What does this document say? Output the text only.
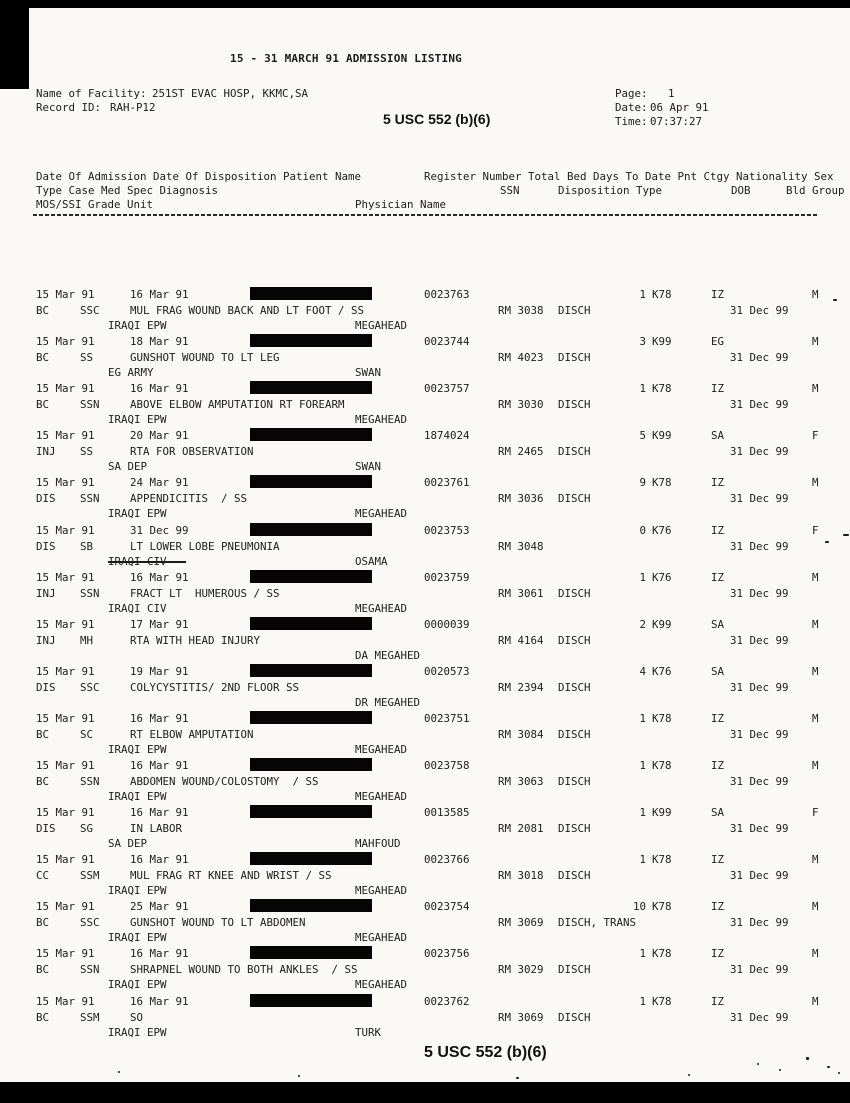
15 - 31 MARCH 91 ADMISSION LISTING
Name of Facility: 251ST EVAC HOSP, KKMC,SA
Record ID: RAH-P12
Page: 1
Date: 06 Apr 91
Time: 07:37:27
5 USC 552 (b)(6)
Date Of Admission Date Of Disposition Patient Name	Register Number Total Bed Days To Date Pnt Ctgy Nationality Sex
Type Case Med Spec Diagnosis	SSN	Disposition Type	DOB	Bld Group
MOS/SSI Grade Unit	Physician Name
15 Mar 91	16 Mar 91	0023763	1 K78	IZ	M
BC	SSC	MUL FRAG WOUND BACK AND LT FOOT / SS	RM 3038 DISCH	31 Dec 99
IRAQI EPW	MEGAHEAD
15 Mar 91	18 Mar 91	0023744	3 K99	EG	M
BC	SS	GUNSHOT WOUND TO LT LEG	RM 4023 DISCH	31 Dec 99
EG ARMY	SWAN
15 Mar 91	16 Mar 91	0023757	1 K78	IZ	M
BC	SSN	ABOVE ELBOW AMPUTATION RT FOREARM	RM 3030 DISCH	31 Dec 99
IRAQI EPW	MEGAHEAD
15 Mar 91	20 Mar 91	1874024	5 K99	SA	F
INJ SS	RTA FOR OBSERVATION	RM 2465 DISCH	31 Dec 99
SA DEP	SWAN
15 Mar 91	24 Mar 91	0023761	9 K78	IZ	M
DIS SSN	APPENDICITIS  / SS	RM 3036 DISCH	31 Dec 99
IRAQI EPW	MEGAHEAD
15 Mar 91	31 Dec 99	0023753	0 K76	IZ	F
DIS SB	LT LOWER LOBE PNEUMONIA	RM 3048	31 Dec 99
IRAQI CIV  -	OSAMA
15 Mar 91	16 Mar 91	0023759	1 K76	IZ	M
INJ SSN	FRACT LT  HUMEROUS / SS	RM 3061 DISCH	31 Dec 99
IRAQI CIV	MEGAHEAD
15 Mar 91	17 Mar 91	0000039	2 K99	SA	M
INJ MH	RTA WITH HEAD INJURY	RM 4164 DISCH	31 Dec 99
DA MEGAHED
15 Mar 91	19 Mar 91	0020573	4 K76	SA	M
DIS SSC	COLYCYSTITIS/ 2ND FLOOR SS	RM 2394 DISCH	31 Dec 99
DR MEGAHED
15 Mar 91	16 Mar 91	0023751	1 K78	IZ	M
BC	SC	RT ELBOW AMPUTATION	RM 3084 DISCH	31 Dec 99
IRAQI EPW	MEGAHEAD
15 Mar 91	16 Mar 91	0023758	1 K78	IZ	M
BC	SSN	ABDOMEN WOUND/COLOSTOMY  / SS	RM 3063 DISCH	31 Dec 99
IRAQI EPW	MEGAHEAD
15 Mar 91	16 Mar 91	0013585	1 K99	SA	F
DIS SG	IN LABOR	RM 2081 DISCH	31 Dec 99
SA DEP	MAHFOUD
15 Mar 91	16 Mar 91	0023766	1 K78	IZ	M
CC	SSM	MUL FRAG RT KNEE AND WRIST / SS	RM 3018 DISCH	31 Dec 99
IRAQI EPW	MEGAHEAD
15 Mar 91	25 Mar 91	0023754	10 K78	IZ	M
BC	SSC	GUNSHOT WOUND TO LT ABDOMEN	RM 3069 DISCH, TRANS	31 Dec 99
IRAQI EPW	MEGAHEAD
15 Mar 91	16 Mar 91	0023756	1 K78	IZ	M
BC	SSN	SHRAPNEL WOUND TO BOTH ANKLES  / SS	RM 3029 DISCH	31 Dec 99
IRAQI EPW	MEGAHEAD
15 Mar 91	16 Mar 91	0023762	1 K78	IZ	M
BC	SSM	SO	RM 3069 DISCH	31 Dec 99
IRAQI EPW	TURK
5 USC 552 (b)(6)
